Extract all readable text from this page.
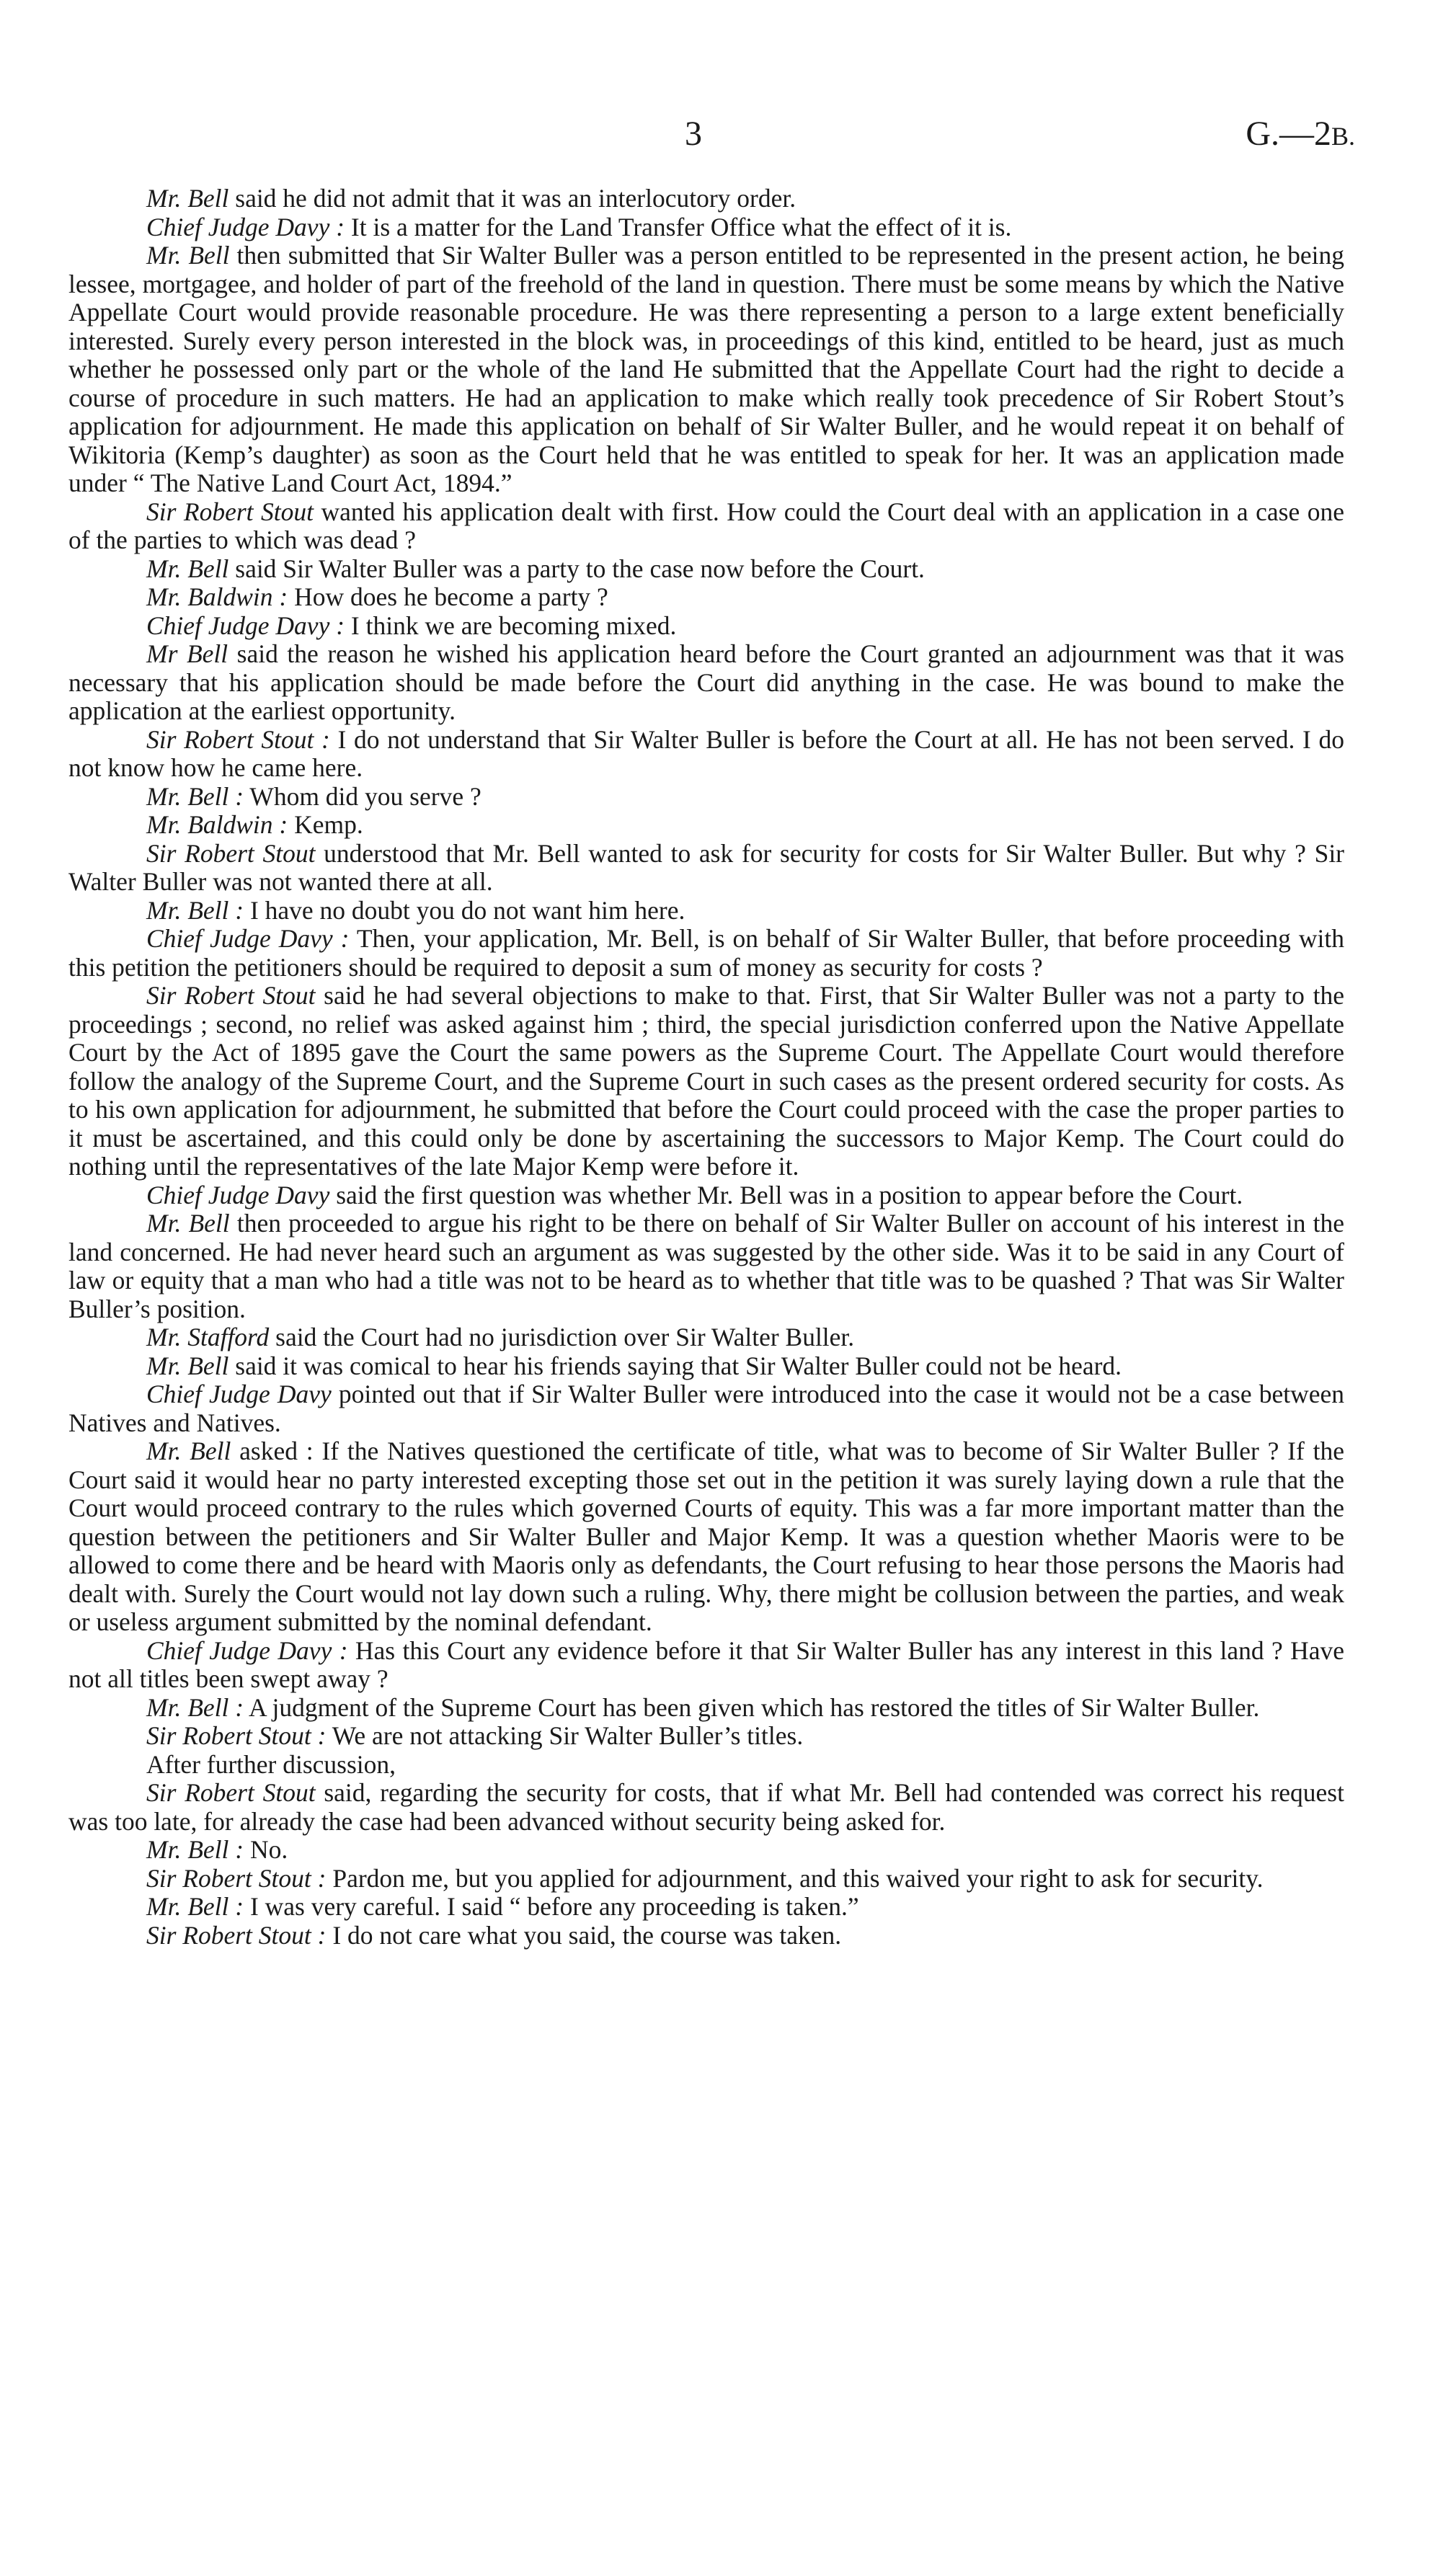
3	G.—2B.

Mr. Bell said he did not admit that it was an interlocutory order.

Chief Judge Davy : It is a matter for the Land Transfer Office what the effect of it is.

Mr. Bell then submitted that Sir Walter Buller was a person entitled to be represented in the present action, he being lessee, mortgagee, and holder of part of the freehold of the land in question. There must be some means by which the Native Appellate Court would provide reasonable procedure. He was there representing a person to a large extent beneficially interested. Surely every person interested in the block was, in proceedings of this kind, entitled to be heard, just as much whether he possessed only part or the whole of the land He submitted that the Appellate Court had the right to decide a course of procedure in such matters. He had an application to make which really took precedence of Sir Robert Stout’s application for adjournment. He made this application on behalf of Sir Walter Buller, and he would repeat it on behalf of Wikitoria (Kemp’s daughter) as soon as the Court held that he was entitled to speak for her. It was an application made under “ The Native Land Court Act, 1894.”

Sir Robert Stout wanted his application dealt with first. How could the Court deal with an application in a case one of the parties to which was dead ?

Mr. Bell said Sir Walter Buller was a party to the case now before the Court.

Mr. Baldwin : How does he become a party ?

Chief Judge Davy : I think we are becoming mixed.

Mr Bell said the reason he wished his application heard before the Court granted an adjournment was that it was necessary that his application should be made before the Court did anything in the case. He was bound to make the application at the earliest opportunity.

Sir Robert Stout : I do not understand that Sir Walter Buller is before the Court at all. He has not been served. I do not know how he came here.

Mr. Bell : Whom did you serve ?

Mr. Baldwin : Kemp.

Sir Robert Stout understood that Mr. Bell wanted to ask for security for costs for Sir Walter Buller. But why ? Sir Walter Buller was not wanted there at all.

Mr. Bell : I have no doubt you do not want him here.

Chief Judge Davy : Then, your application, Mr. Bell, is on behalf of Sir Walter Buller, that before proceeding with this petition the petitioners should be required to deposit a sum of money as security for costs ?

Sir Robert Stout said he had several objections to make to that. First, that Sir Walter Buller was not a party to the proceedings ; second, no relief was asked against him ; third, the special jurisdiction conferred upon the Native Appellate Court by the Act of 1895 gave the Court the same powers as the Supreme Court. The Appellate Court would therefore follow the analogy of the Supreme Court, and the Supreme Court in such cases as the present ordered security for costs. As to his own application for adjournment, he submitted that before the Court could proceed with the case the proper parties to it must be ascertained, and this could only be done by ascertaining the successors to Major Kemp. The Court could do nothing until the representatives of the late Major Kemp were before it.

Chief Judge Davy said the first question was whether Mr. Bell was in a position to appear before the Court.

Mr. Bell then proceeded to argue his right to be there on behalf of Sir Walter Buller on account of his interest in the land concerned. He had never heard such an argument as was suggested by the other side. Was it to be said in any Court of law or equity that a man who had a title was not to be heard as to whether that title was to be quashed ? That was Sir Walter Buller’s position.

Mr. Stafford said the Court had no jurisdiction over Sir Walter Buller.

Mr. Bell said it was comical to hear his friends saying that Sir Walter Buller could not be heard.

Chief Judge Davy pointed out that if Sir Walter Buller were introduced into the case it would not be a case between Natives and Natives.

Mr. Bell asked : If the Natives questioned the certificate of title, what was to become of Sir Walter Buller ? If the Court said it would hear no party interested excepting those set out in the petition it was surely laying down a rule that the Court would proceed contrary to the rules which governed Courts of equity. This was a far more important matter than the question between the petitioners and Sir Walter Buller and Major Kemp. It was a question whether Maoris were to be allowed to come there and be heard with Maoris only as defendants, the Court refusing to hear those persons the Maoris had dealt with. Surely the Court would not lay down such a ruling. Why, there might be collusion between the parties, and weak or useless argument submitted by the nominal defendant.

Chief Judge Davy : Has this Court any evidence before it that Sir Walter Buller has any interest in this land ? Have not all titles been swept away ?

Mr. Bell : A judgment of the Supreme Court has been given which has restored the titles of Sir Walter Buller.

Sir Robert Stout : We are not attacking Sir Walter Buller’s titles.

After further discussion,

Sir Robert Stout said, regarding the security for costs, that if what Mr. Bell had contended was correct his request was too late, for already the case had been advanced without security being asked for.

Mr. Bell : No.

Sir Robert Stout : Pardon me, but you applied for adjournment, and this waived your right to ask for security.

Mr. Bell : I was very careful. I said “ before any proceeding is taken.”

Sir Robert Stout : I do not care what you said, the course was taken.
